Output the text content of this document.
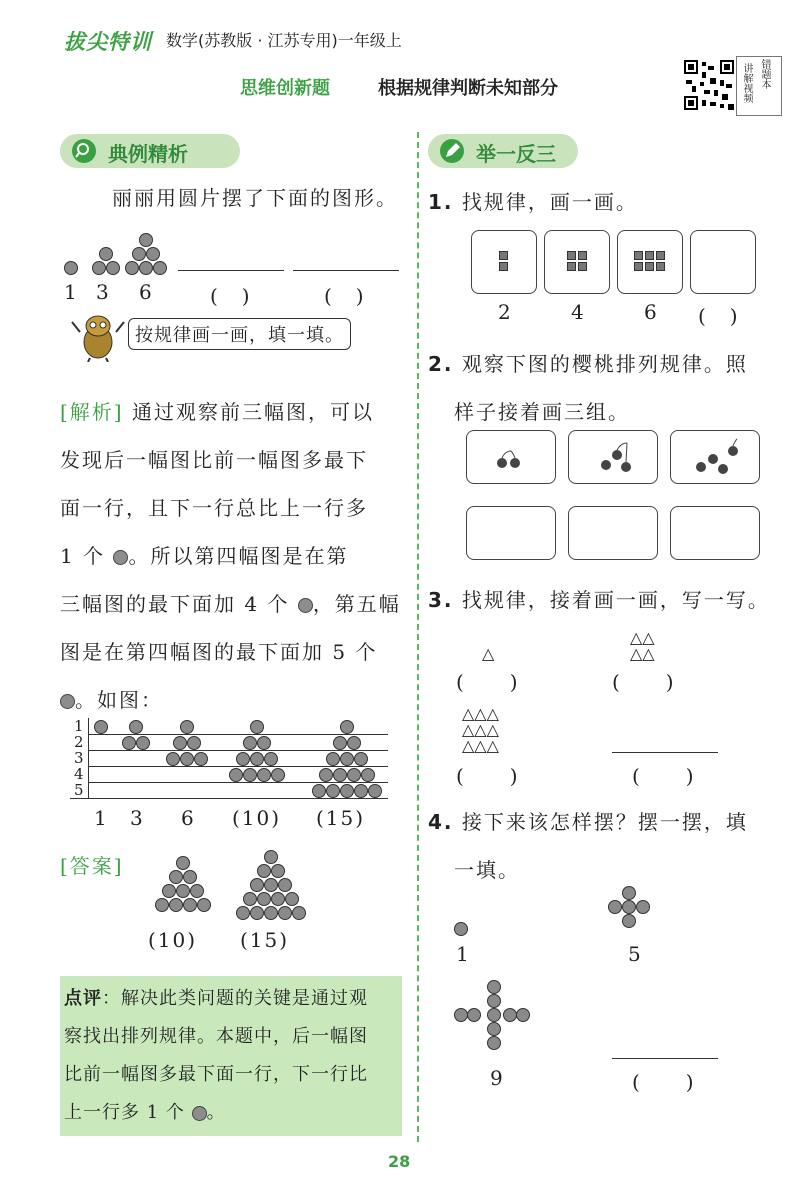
拔尖特训 数学(苏教版 · 江苏专用)一年级上
思维创新题	根据规律判断未知部分	讲解视频 错题本
典例精析
丽丽用圆片摆了下面的图形。
1 3 6	(　)	(　)
按规律画一画，填一填。
[解析] 通过观察前三幅图，可以
发现后一幅图比前一幅图多最下
面一行，且下一行总比上一行多
1 个 。所以第四幅图是在第
三幅图的最下面加 4 个 ，第五幅
图是在第四幅图的最下面加 5 个
。如图：
1
2
3
4
5
1 3 6 (10) (15)
[答案]
(10) (15)
点评：解决此类问题的关键是通过观
察找出排列规律。本题中，后一幅图
比前一幅图多最下面一行，下一行比
上一行多 1 个 。
举一反三
1. 找规律，画一画。
2	4	6 (　)
2. 观察下图的樱桃排列规律。照
样子接着画三组。
3. 找规律，接着画一画，写一写。
△
△△
△△
△△△
△△△
△△△
(　　)	(　　)
(　　)	(　　)
4. 接下来该怎样摆？摆一摆，填
一填。
1	5
9	(　　)
28
